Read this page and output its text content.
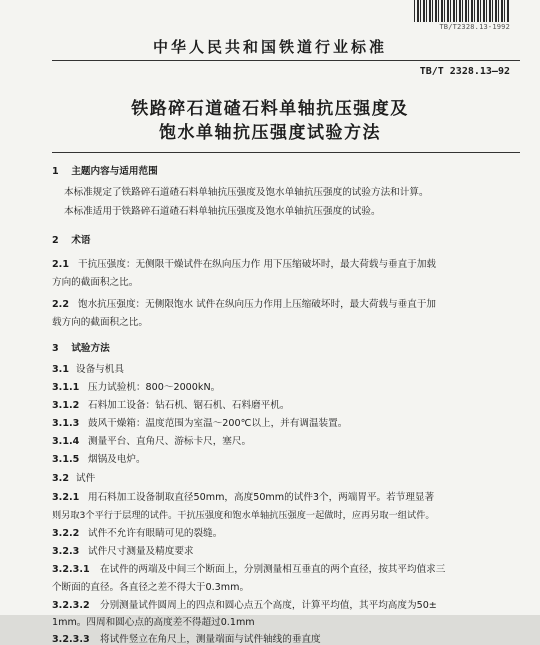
TB/T2328.13-1992
中华人民共和国铁道行业标准
TB/T 2328.13—92
铁路碎石道碴石料单轴抗压强度及
饱水单轴抗压强度试验方法
1 主题内容与适用范围
本标准规定了铁路碎石道碴石料单轴抗压强度及饱水单轴抗压强度的试验方法和计算。
本标准适用于铁路碎石道碴石料单轴抗压强度及饱水单轴抗压强度的试验。
2 术语
2.1 干抗压强度：无侧限干燥试件在纵向压力作 用下压缩破坏时，最大荷载与垂直于加载
方向的截面积之比。
2.2 饱水抗压强度：无侧限饱水 试件在纵向压力作用上压缩破坏时，最大荷载与垂直于加
载方向的截面积之比。
3 试验方法
3.1 设备与机具
3.1.1 压力试验机：800～2000kN。
3.1.2 石料加工设备：钻石机、锯石机、石料磨平机。
3.1.3 鼓风干燥箱：温度范围为室温～200℃以上，并有调温装置。
3.1.4 测量平台、直角尺、游标卡尺，塞尺。
3.1.5 烟锅及电炉。
3.2 试件
3.2.1 用石料加工设备制取直径50mm，高度50mm的试件3个，两端胃平。若节理显著
则另取3个平行于层理的试件。干抗压强度和饱水单轴抗压强度一起做时，应再另取一组试件。
3.2.2 试件不允许有眼睛可见的裂缝。
3.2.3 试件尺寸测量及精度要求
3.2.3.1 在试件的两端及中间三个断面上，分别测量相互垂直的两个直径，按其平均值求三
个断面的直径。各直径之差不得大于0.3mm。
3.2.3.2 分别测量试件圆周上的四点和圆心点五个高度，计算平均值，其平均高度为50±
1mm。四周和圆心点的高度差不得超过0.1mm
3.2.3.3 将试件竖立在角尺上，测量端面与试件轴线的垂直度
